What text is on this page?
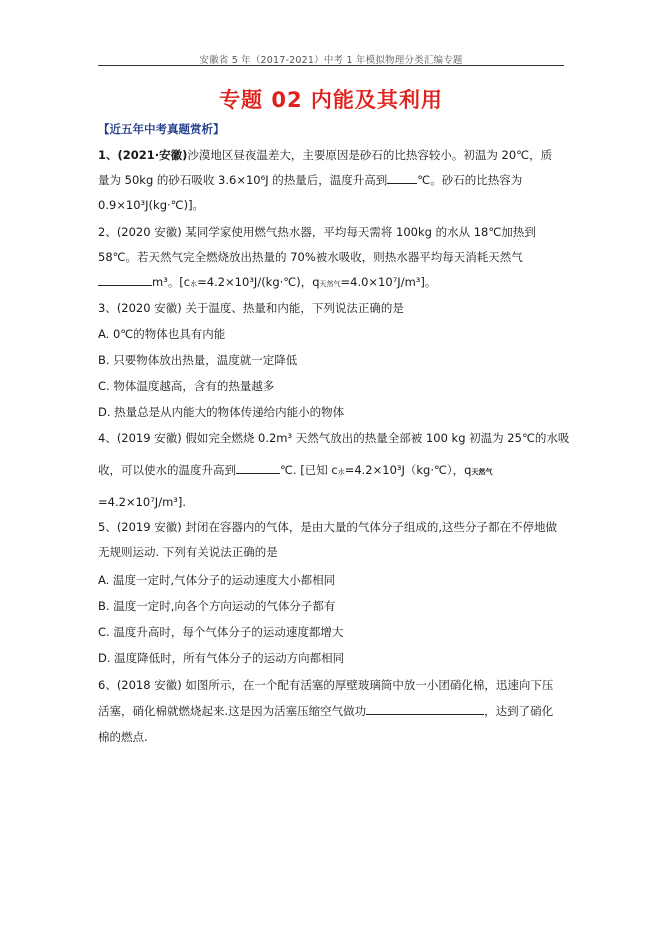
安徽省 5 年（2017-2021）中考 1 年模拟物理分类汇编专题
专题 02 内能及其利用
【近五年中考真题赏析】
1、(2021·安徽)沙漠地区昼夜温差大，主要原因是砂石的比热容较小。初温为 20℃，质
量为 50kg 的砂石吸收 3.6×10⁶J 的热量后，温度升高到	℃。砂石的比热容为
0.9×10³J(kg·℃)]。
2、(2020 安徽) 某同学家使用燃气热水器，平均每天需将 100kg 的水从 18℃加热到
58℃。若天然气完全燃烧放出热量的 70%被水吸收，则热水器平均每天消耗天然气
m³。[c水=4.2×10³J/(kg·℃)，q天然气=4.0×10⁷J/m³]。
3、(2020 安徽) 关于温度、热量和内能，下列说法正确的是
A. 0℃的物体也具有内能
B. 只要物体放出热量，温度就一定降低
C. 物体温度越高，含有的热量越多
D. 热量总是从内能大的物体传递给内能小的物体
4、(2019 安徽) 假如完全燃烧 0.2m³ 天然气放出的热量全部被 100 kg 初温为 25℃的水吸
收，可以使水的温度升高到	℃. [已知 c水=4.2×10³J（kg·℃），q天然气
=4.2×10⁷J/m³].
5、(2019 安徽) 封闭在容器内的气体，是由大量的气体分子组成的,这些分子都在不停地做
无规则运动. 下列有关说法正确的是
A. 温度一定时,气体分子的运动速度大小都相同
B. 温度一定时,向各个方向运动的气体分子都有
C. 温度升高时，每个气体分子的运动速度都增大
D. 温度降低时，所有气体分子的运动方向都相同
6、(2018 安徽) 如图所示，在一个配有活塞的厚壁玻璃筒中放一小团硝化棉，迅速向下压
活塞，硝化棉就燃烧起来.这是因为活塞压缩空气做功	，达到了硝化
棉的燃点.
